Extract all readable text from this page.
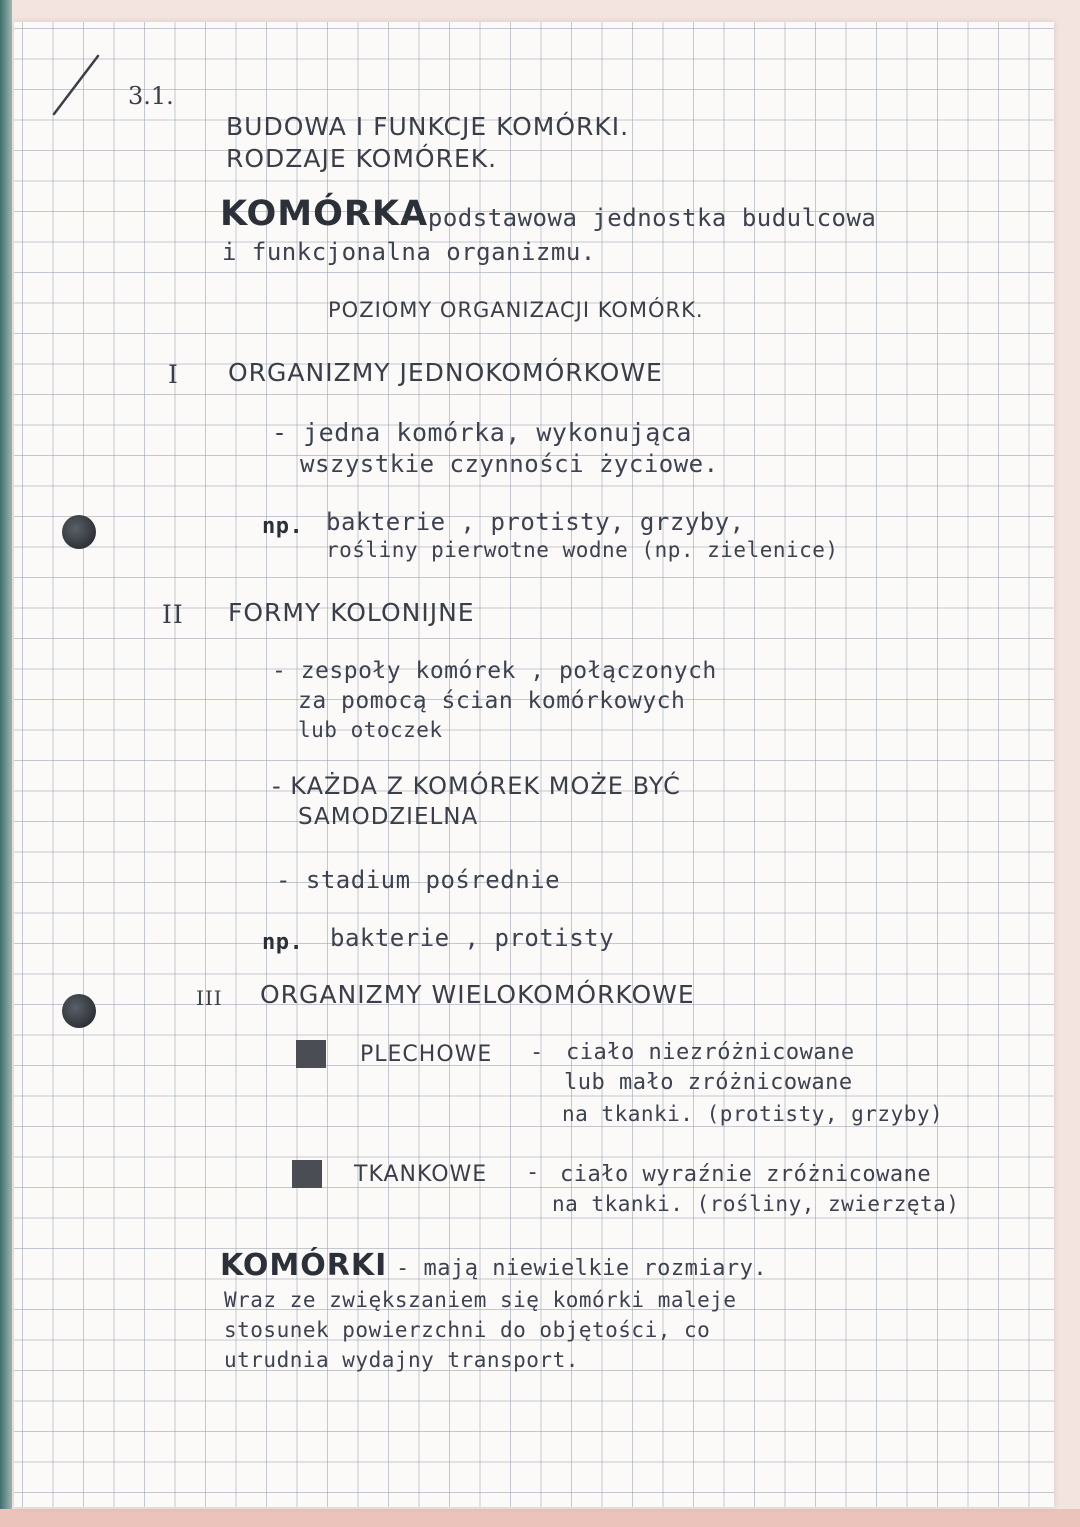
3.1.
BUDOWA I FUNKCJE KOMÓRKI.
RODZAJE KOMÓREK.
KOMÓRKA
- podstawowa jednostka budulcowa
i funkcjonalna organizmu.
POZIOMY ORGANIZACJI KOMÓRK.
I ORGANIZMY JEDNOKOMÓRKOWE
- jedna komórka, wykonująca
wszystkie czynności życiowe.
np. bakterie , protisty, grzyby,
rośliny pierwotne wodne (np. zielenice)
II FORMY KOLONIJNE
- zespoły komórek , połączonych
za pomocą ścian komórkowych
lub otoczek
- KAŻDA Z KOMÓREK MOŻE BYĆ
SAMODZIELNA
- stadium pośrednie
np. bakterie , protisty
III ORGANIZMY WIELOKOMÓRKOWE
PLECHOWE - ciało niezróżnicowane
lub mało zróżnicowane
na tkanki. (protisty, grzyby)
TKANKOWE - ciało wyraźnie zróżnicowane
na tkanki. (rośliny, zwierzęta)
KOMÓRKI - mają niewielkie rozmiary.
Wraz ze zwiększaniem się komórki maleje
stosunek powierzchni do objętości, co
utrudnia wydajny transport.
